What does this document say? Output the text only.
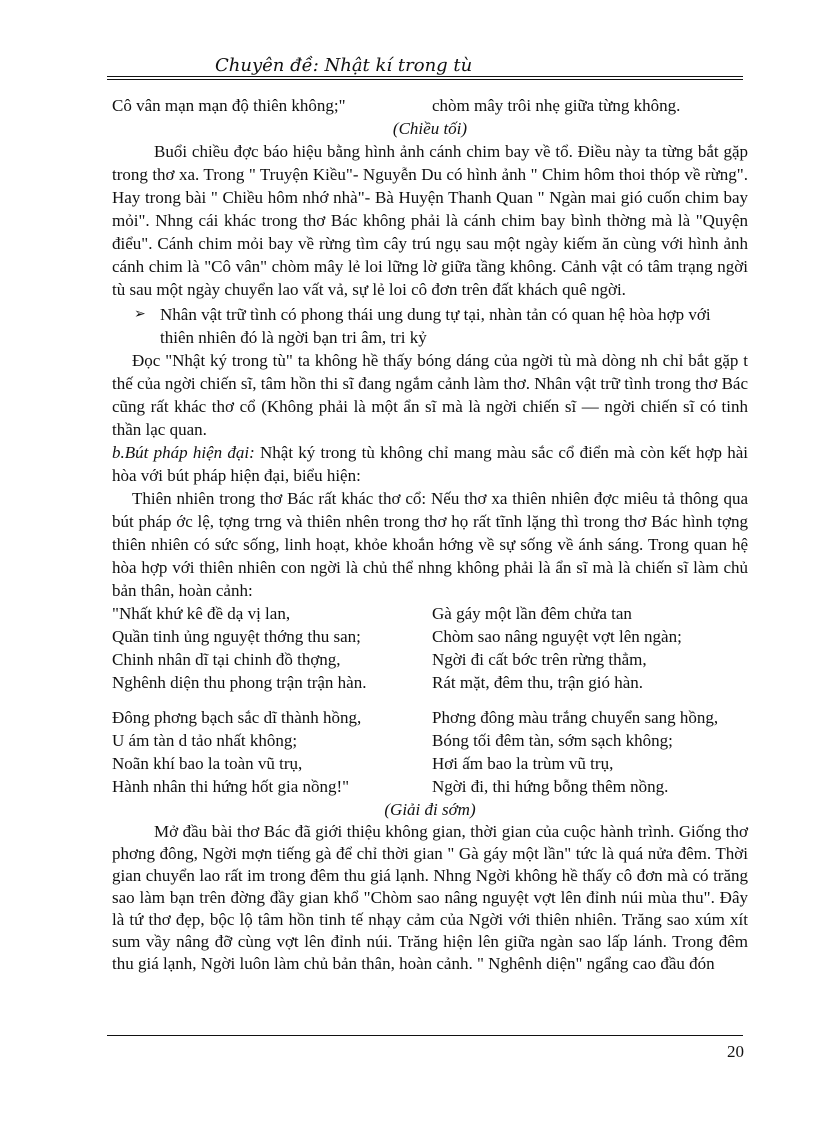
Chuyên đề: Nhật kí trong tù
Cô vân mạn mạn độ thiên không;"	chòm mây trôi nhẹ giữa từng không.

(Chiều tối)

Buổi chiều đợc báo hiệu bằng hình ảnh cánh chim bay về tổ. Điều này ta từng bắt gặp trong thơ xa. Trong " Truyện Kiều"- Nguyễn Du có hình ảnh " Chim hôm thoi thóp về rừng". Hay trong bài " Chiều hôm nhớ nhà"- Bà Huyện Thanh Quan " Ngàn mai gió cuốn chim bay mỏi". Nhng cái khác trong thơ Bác không phải là cánh chim bay bình thờng mà là "Quyện điểu". Cánh chim mỏi bay về rừng tìm cây trú ngụ sau một ngày kiếm ăn cùng với hình ảnh cánh chim là "Cô vân" chòm mây lẻ loi lững lờ giữa tầng không. Cảnh vật có tâm trạng ngời tù sau một ngày chuyển lao vất vả, sự lẻ loi cô đơn trên đất khách quê ngời.

➢ Nhân vật trữ tình có phong thái ung dung tự tại, nhàn tản có quan hệ hòa hợp với thiên nhiên đó là ngời bạn tri âm, tri kỷ

Đọc "Nhật ký trong tù" ta không hề thấy bóng dáng của ngời tù mà dòng nh chỉ bắt gặp t thế của ngời chiến sĩ, tâm hồn thi sĩ đang ngắm cảnh làm thơ. Nhân vật trữ tình trong thơ Bác cũng rất khác thơ cổ (Không phải là một ẩn sĩ mà là ngời chiến sĩ — ngời chiến sĩ có tinh thần lạc quan.

b.Bút pháp hiện đại: Nhật ký trong tù không chỉ mang màu sắc cổ điển mà còn kết hợp hài hòa với bút pháp hiện đại, biểu hiện:

Thiên nhiên trong thơ Bác rất khác thơ cổ: Nếu thơ xa thiên nhiên đợc miêu tả thông qua bút pháp ớc lệ, tợng trng và thiên nhên trong thơ họ rất tĩnh lặng thì trong thơ Bác hình tợng thiên nhiên có sức sống, linh hoạt, khỏe khoắn hớng về sự sống về ánh sáng. Trong quan hệ hòa hợp với thiên nhiên con ngời là chủ thể nhng không phải là ẩn sĩ mà là chiến sĩ làm chủ bản thân, hoàn cảnh:

"Nhất khứ kê đề dạ vị lan,	Gà gáy một lần đêm chửa tan
Quần tinh ủng nguyệt thớng thu san;	Chòm sao nâng nguyệt vợt lên ngàn;
Chinh nhân dĩ tại chinh đồ thợng,	Ngời đi cất bớc trên rừng thẳm,
Nghênh diện thu phong trận trận hàn.	Rát mặt, đêm thu, trận gió hàn.
Đông phơng bạch sắc dĩ thành hồng,	Phơng đông màu trắng chuyển sang hồng,
U ám tàn d tảo nhất không;	Bóng tối đêm tàn, sớm sạch không;
Noãn khí bao la toàn vũ trụ,	Hơi ấm bao la trùm vũ trụ,
Hành nhân thi hứng hốt gia nồng!"	Ngời đi, thi hứng bỗng thêm nồng.

(Giải đi sớm)

Mở đầu bài thơ Bác đã giới thiệu không gian, thời gian của cuộc hành trình. Giống thơ phơng đông, Ngời mợn tiếng gà để chỉ thời gian " Gà gáy một lần" tức là quá nửa đêm. Thời gian chuyển lao rất im trong đêm thu giá lạnh. Nhng Ngời không hề thấy cô đơn mà có trăng sao làm bạn trên đờng đầy gian khổ "Chòm sao nâng nguyệt vợt lên đỉnh núi mùa thu". Đây là tứ thơ đẹp, bộc lộ tâm hồn tinh tế nhạy cảm của Ngời với thiên nhiên. Trăng sao xúm xít sum vầy nâng đỡ cùng vợt lên đỉnh núi. Trăng hiện lên giữa ngàn sao lấp lánh. Trong đêm thu giá lạnh, Ngời luôn làm chủ bản thân, hoàn cảnh. " Nghênh diện" ngẩng cao đầu đón

20
